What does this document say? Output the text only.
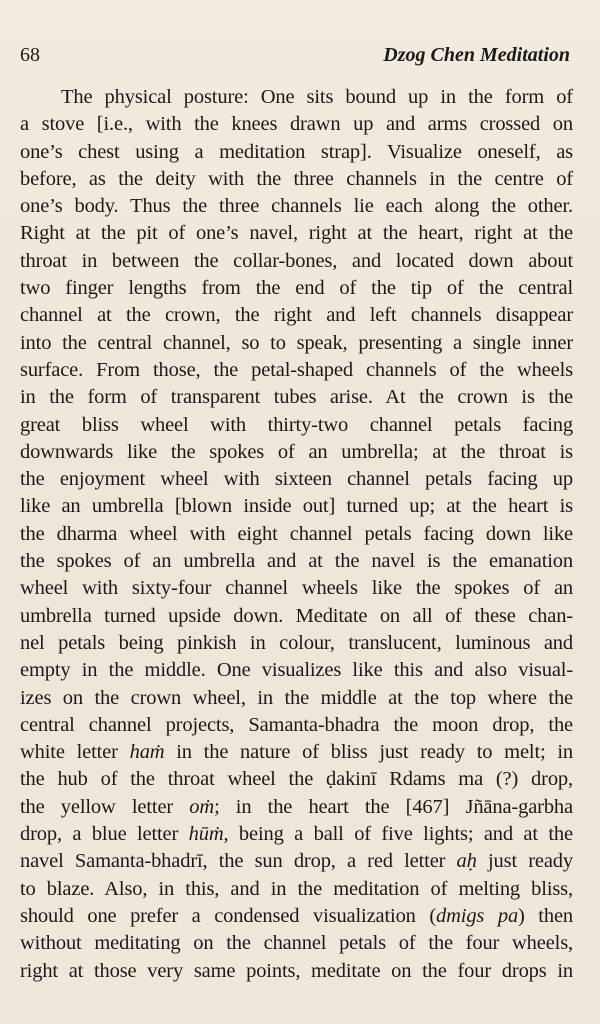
68	Dzog Chen Meditation
The physical posture: One sits bound up in the form of
a stove [i.e., with the knees drawn up and arms crossed on
one’s chest using a meditation strap]. Visualize oneself, as
before, as the deity with the three channels in the centre of
one’s body. Thus the three channels lie each along the other.
Right at the pit of one’s navel, right at the heart, right at the
throat in between the collar-bones, and located down about
two finger lengths from the end of the tip of the central
channel at the crown, the right and left channels disappear
into the central channel, so to speak, presenting a single inner
surface. From those, the petal-shaped channels of the wheels
in the form of transparent tubes arise. At the crown is the
great bliss wheel with thirty-two channel petals facing
downwards like the spokes of an umbrella; at the throat is
the enjoyment wheel with sixteen channel petals facing up
like an umbrella [blown inside out] turned up; at the heart is
the dharma wheel with eight channel petals facing down like
the spokes of an umbrella and at the navel is the emanation
wheel with sixty-four channel wheels like the spokes of an
umbrella turned upside down. Meditate on all of these chan-
nel petals being pinkish in colour, translucent, luminous and
empty in the middle. One visualizes like this and also visual-
izes on the crown wheel, in the middle at the top where the
central channel projects, Samanta-bhadra the moon drop, the
white letter haṁ in the nature of bliss just ready to melt; in
the hub of the throat wheel the ḍakinī Rdams ma (?) drop,
the yellow letter oṁ; in the heart the [467] Jñāna-garbha
drop, a blue letter hūṁ, being a ball of five lights; and at the
navel Samanta-bhadrī, the sun drop, a red letter aḥ just ready
to blaze. Also, in this, and in the meditation of melting bliss,
should one prefer a condensed visualization (dmigs pa) then
without meditating on the channel petals of the four wheels,
right at those very same points, meditate on the four drops in
